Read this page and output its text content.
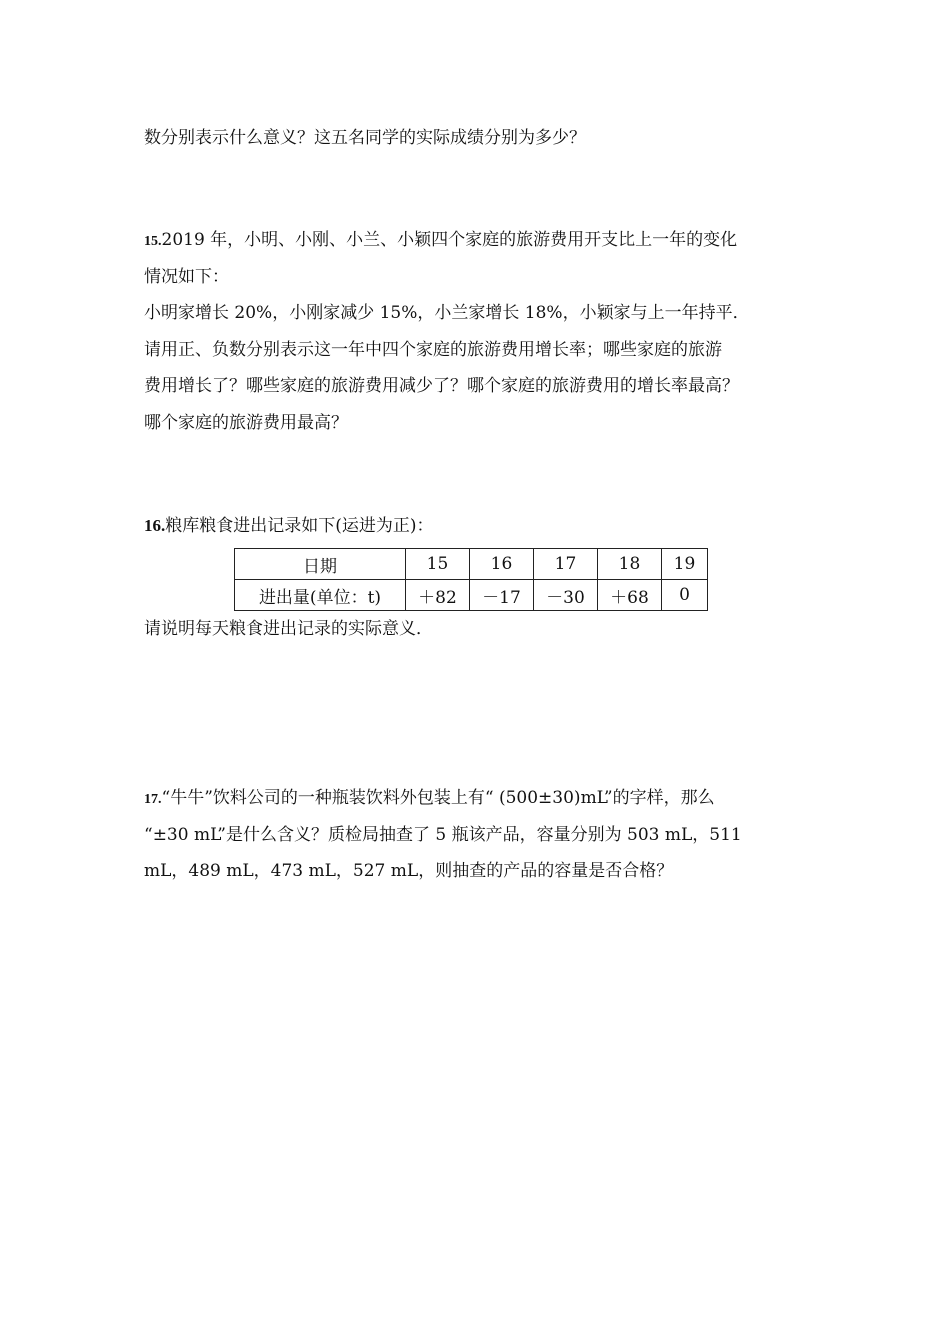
数分别表示什么意义？这五名同学的实际成绩分别为多少？
15.2019 年，小明、小刚、小兰、小颖四个家庭的旅游费用开支比上一年的变化
情况如下：
小明家增长 20%，小刚家减少 15%，小兰家增长 18%，小颖家与上一年持平．
请用正、负数分别表示这一年中四个家庭的旅游费用增长率；哪些家庭的旅游
费用增长了？哪些家庭的旅游费用减少了？哪个家庭的旅游费用的增长率最高？
哪个家庭的旅游费用最高？
16.粮库粮食进出记录如下(运进为正)：
日期	15	16	17	18	19
进出量(单位：t)	＋82	－17	－30	＋68	0
请说明每天粮食进出记录的实际意义．
17.“牛牛”饮料公司的一种瓶装饮料外包装上有“ (500±30)mL”的字样，那么
“±30 mL”是什么含义？质检局抽查了 5 瓶该产品，容量分别为 503 mL，511
mL，489 mL，473 mL，527 mL，则抽查的产品的容量是否合格？
